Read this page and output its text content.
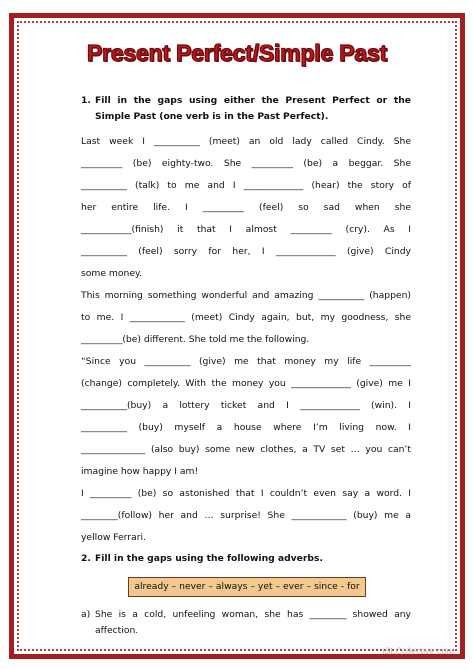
Present Perfect/Simple Past
1. Fill in the gaps using either the Present Perfect or the Simple Past (one verb is in the Past Perfect).
Last week I __________ (meet) an old lady called Cindy. She
_________ (be) eighty-two. She _________ (be) a beggar. She
__________ (talk) to me and I _____________ (hear) the story of
her entire life. I _________ (feel) so sad when she
___________(finish) it that I almost _________ (cry). As I
__________ (feel) sorry for her, I _____________ (give) Cindy
some money.
This morning something wonderful and amazing __________ (happen)
to me. I ____________ (meet) Cindy again, but, my goodness, she
_________(be) different. She told me the following.
“Since you __________ (give) me that money my life _________
(change) completely. With the money you _____________ (give) me I
__________(buy) a lottery ticket and I _____________ (win). I
__________ (buy) myself a house where I’m living now. I
______________ (also buy) some new clothes, a TV set … you can’t
imagine how happy I am!
I _________ (be) so astonished that I couldn’t even say a word. I
________(follow) her and … surprise! She ____________ (buy) me a
yellow Ferrari.
2. Fill in the gaps using the following adverbs.
already – never – always – yet – ever – since - for
a) She is a cold, unfeeling woman, she has ________ showed any affection.
iSLCollective.com
